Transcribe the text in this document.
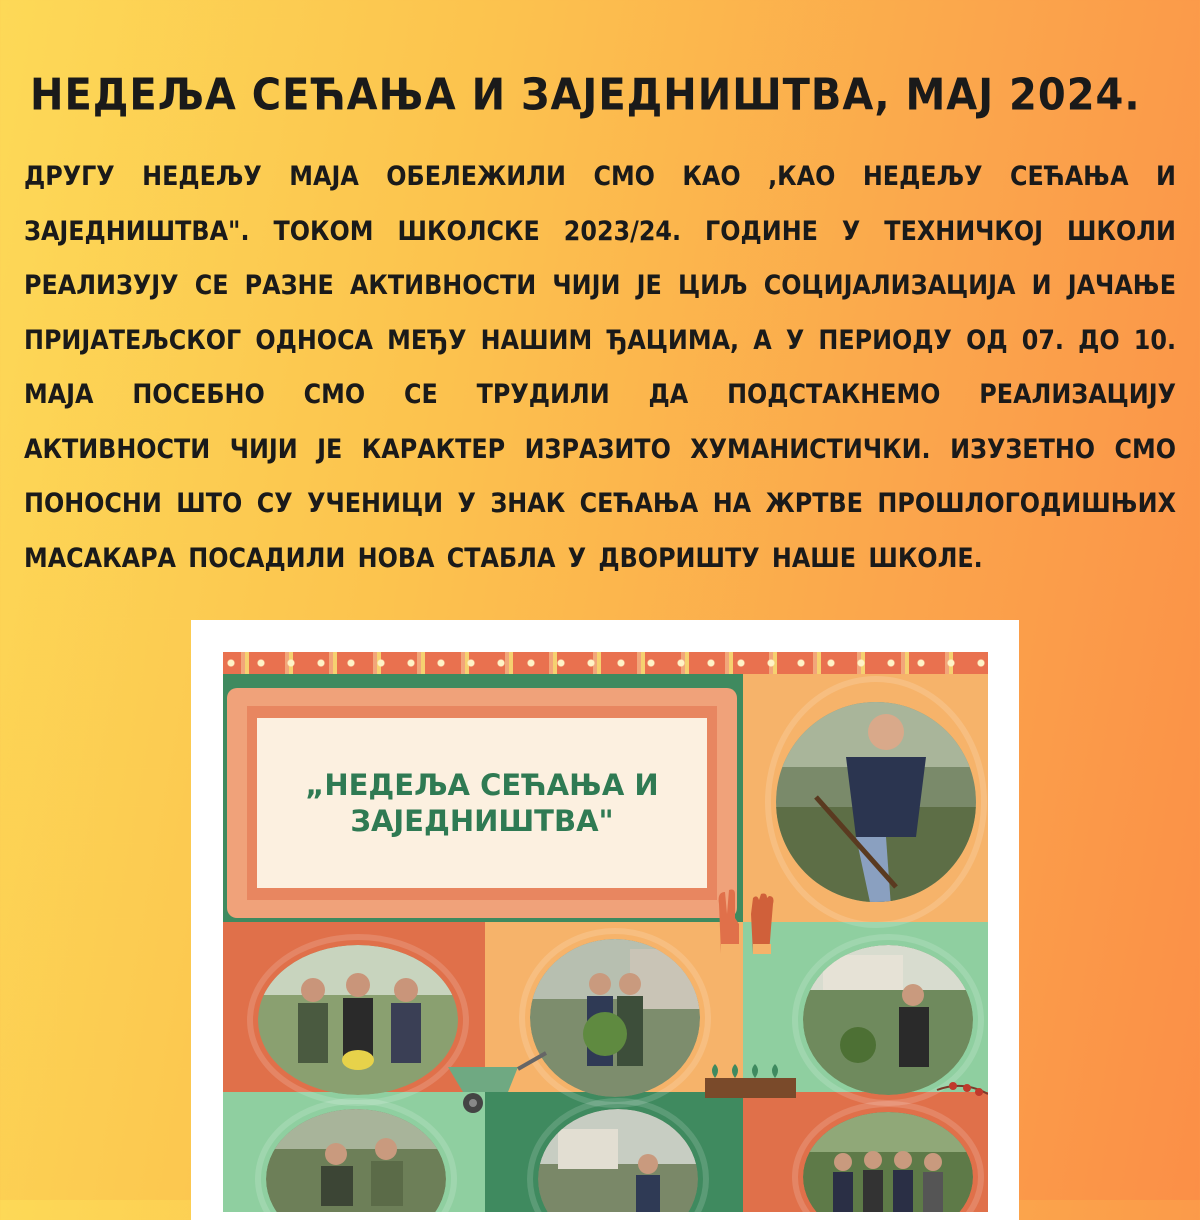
НЕДЕЉА СЕЋАЊА И ЗАЈЕДНИШТВА, МАЈ 2024.

ДРУГУ НЕДЕЉУ МАЈА ОБЕЛЕЖИЛИ СМО КАО ,КАО НЕДЕЉУ СЕЋАЊА И ЗАЈЕДНИШТВА". ТОКОМ ШКОЛСКЕ 2023/24. ГОДИНЕ У ТЕХНИЧКОЈ ШКОЛИ РЕАЛИЗУЈУ СЕ РАЗНЕ АКТИВНОСТИ ЧИЈИ ЈЕ ЦИЉ СОЦИЈАЛИЗАЦИЈА И ЈАЧАЊЕ ПРИЈАТЕЉСКОГ ОДНОСА МЕЂУ НАШИМ ЂАЦИМА, А У ПЕРИОДУ ОД 07. ДО 10. МАЈА ПОСЕБНО СМО СЕ ТРУДИЛИ ДА ПОДСТАКНЕМО РЕАЛИЗАЦИЈУ АКТИВНОСТИ ЧИЈИ ЈЕ КАРАКТЕР ИЗРАЗИТО ХУМАНИСТИЧКИ. ИЗУЗЕТНО СМО ПОНОСНИ ШТО СУ УЧЕНИЦИ У ЗНАК СЕЋАЊА НА ЖРТВЕ ПРОШЛОГОДИШЊИХ МАСАКАРА ПОСАДИЛИ НОВА СТАБЛА У ДВОРИШТУ НАШЕ ШКОЛЕ.

„НЕДЕЉА СЕЋАЊА И
ЗАЈЕДНИШТВА"
